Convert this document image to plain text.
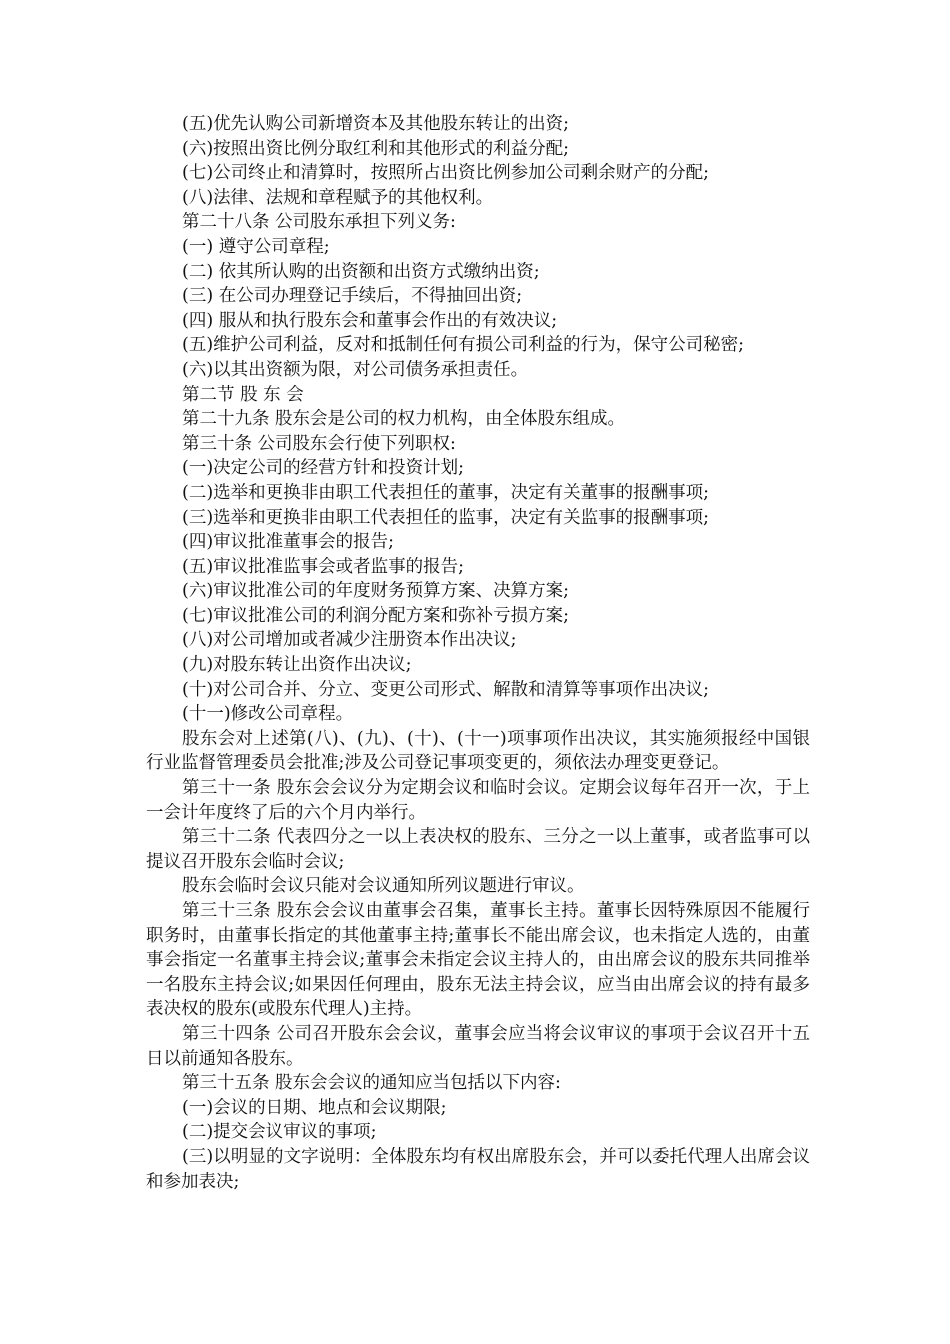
(五)优先认购公司新增资本及其他股东转让的出资;
(六)按照出资比例分取红利和其他形式的利益分配;
(七)公司终止和清算时，按照所占出资比例参加公司剩余财产的分配;
(八)法律、法规和章程赋予的其他权利。
第二十八条 公司股东承担下列义务:
(一) 遵守公司章程;
(二) 依其所认购的出资额和出资方式缴纳出资;
(三) 在公司办理登记手续后，不得抽回出资;
(四) 服从和执行股东会和董事会作出的有效决议;
(五)维护公司利益，反对和抵制任何有损公司利益的行为，保守公司秘密;
(六)以其出资额为限，对公司债务承担责任。
第二节 股 东 会
第二十九条 股东会是公司的权力机构，由全体股东组成。
第三十条 公司股东会行使下列职权:
(一)决定公司的经营方针和投资计划;
(二)选举和更换非由职工代表担任的董事，决定有关董事的报酬事项;
(三)选举和更换非由职工代表担任的监事，决定有关监事的报酬事项;
(四)审议批准董事会的报告;
(五)审议批准监事会或者监事的报告;
(六)审议批准公司的年度财务预算方案、决算方案;
(七)审议批准公司的利润分配方案和弥补亏损方案;
(八)对公司增加或者减少注册资本作出决议;
(九)对股东转让出资作出决议;
(十)对公司合并、分立、变更公司形式、解散和清算等事项作出决议;
(十一)修改公司章程。

股东会对上述第(八)、(九)、(十)、(十一)项事项作出决议，其实施须报经中国银行业监督管理委员会批准;涉及公司登记事项变更的，须依法办理变更登记。

第三十一条 股东会会议分为定期会议和临时会议。定期会议每年召开一次，于上一会计年度终了后的六个月内举行。

第三十二条 代表四分之一以上表决权的股东、三分之一以上董事，或者监事可以提议召开股东会临时会议;

股东会临时会议只能对会议通知所列议题进行审议。

第三十三条 股东会会议由董事会召集，董事长主持。董事长因特殊原因不能履行职务时，由董事长指定的其他董事主持;董事长不能出席会议，也未指定人选的，由董事会指定一名董事主持会议;董事会未指定会议主持人的，由出席会议的股东共同推举一名股东主持会议;如果因任何理由，股东无法主持会议，应当由出席会议的持有最多表决权的股东(或股东代理人)主持。

第三十四条 公司召开股东会会议，董事会应当将会议审议的事项于会议召开十五日以前通知各股东。

第三十五条 股东会会议的通知应当包括以下内容:
(一)会议的日期、地点和会议期限;
(二)提交会议审议的事项;

(三)以明显的文字说明：全体股东均有权出席股东会，并可以委托代理人出席会议和参加表决;
